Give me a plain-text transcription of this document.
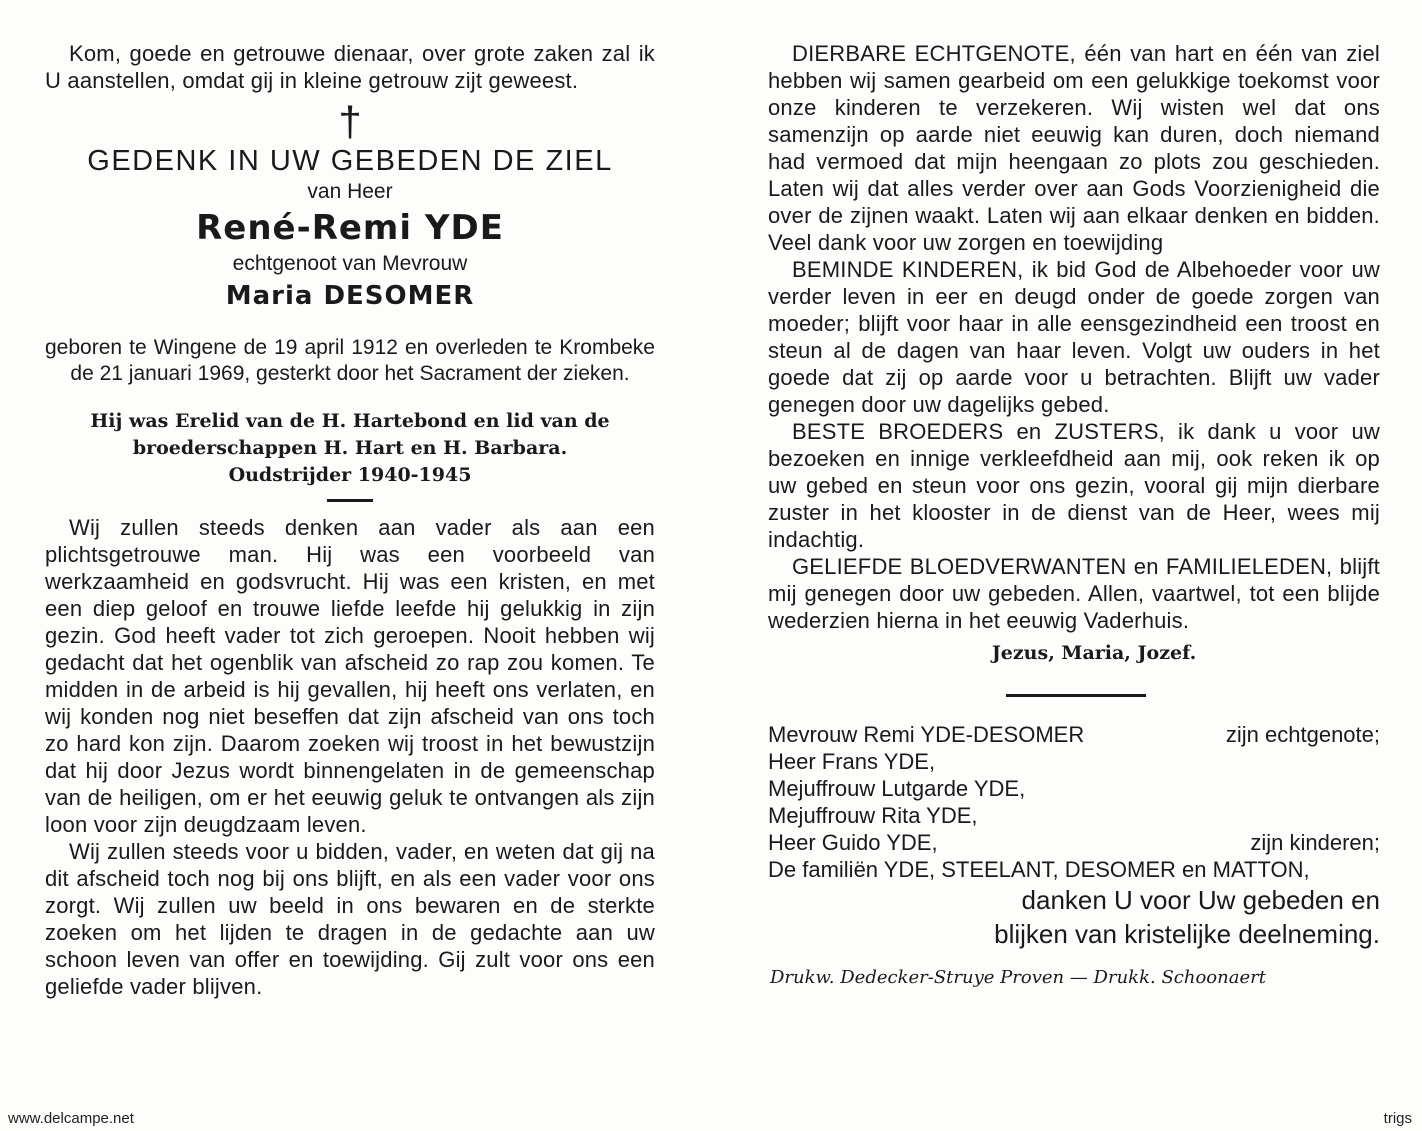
Kom, goede en getrouwe dienaar, over grote zaken zal ik U aanstellen, omdat gij in kleine getrouw zijt geweest.

†
GEDENK IN UW GEBEDEN DE ZIEL
van Heer
René-Remi YDE
echtgenoot van Mevrouw
Maria DESOMER

geboren te Wingene de 19 april 1912 en overleden te Krombeke de 21 januari 1969, gesterkt door het Sacrament der zieken.

Hij was Erelid van de H. Hartebond en lid van de broederschappen H. Hart en H. Barbara.
Oudstrijder 1940-1945

Wij zullen steeds denken aan vader als aan een plichtsgetrouwe man. Hij was een voorbeeld van werkzaamheid en godsvrucht. Hij was een kristen, en met een diep geloof en trouwe liefde leefde hij gelukkig in zijn gezin. God heeft vader tot zich geroepen. Nooit hebben wij gedacht dat het ogenblik van afscheid zo rap zou komen. Te midden in de arbeid is hij gevallen, hij heeft ons verlaten, en wij konden nog niet beseffen dat zijn afscheid van ons toch zo hard kon zijn. Daarom zoeken wij troost in het bewustzijn dat hij door Jezus wordt binnengelaten in de gemeenschap van de heiligen, om er het eeuwig geluk te ontvangen als zijn loon voor zijn deugdzaam leven.

Wij zullen steeds voor u bidden, vader, en weten dat gij na dit afscheid toch nog bij ons blijft, en als een vader voor ons zorgt. Wij zullen uw beeld in ons bewaren en de sterkte zoeken om het lijden te dragen in de gedachte aan uw schoon leven van offer en toewijding. Gij zult voor ons een geliefde vader blijven.

DIERBARE ECHTGENOTE, één van hart en één van ziel hebben wij samen gearbeid om een gelukkige toekomst voor onze kinderen te verzekeren. Wij wisten wel dat ons samenzijn op aarde niet eeuwig kan duren, doch niemand had vermoed dat mijn heengaan zo plots zou geschieden. Laten wij dat alles verder over aan Gods Voorzienigheid die over de zijnen waakt. Laten wij aan elkaar denken en bidden. Veel dank voor uw zorgen en toewijding

BEMINDE KINDEREN, ik bid God de Albehoeder voor uw verder leven in eer en deugd onder de goede zorgen van moeder; blijft voor haar in alle eensgezindheid een troost en steun al de dagen van haar leven. Volgt uw ouders in het goede dat zij op aarde voor u betrachten. Blijft uw vader genegen door uw dagelijks gebed.

BESTE BROEDERS en ZUSTERS, ik dank u voor uw bezoeken en innige verkleefdheid aan mij, ook reken ik op uw gebed en steun voor ons gezin, vooral gij mijn dierbare zuster in het klooster in de dienst van de Heer, wees mij indachtig.

GELIEFDE BLOEDVERWANTEN en FAMILIELEDEN, blijft mij genegen door uw gebeden. Allen, vaartwel, tot een blijde wederzien hierna in het eeuwig Vaderhuis.

Jezus, Maria, Jozef.
Mevrouw Remi YDE-DESOMER	zijn echtgenote;
Heer Frans YDE,
Mejuffrouw Lutgarde YDE,
Mejuffrouw Rita YDE,
Heer Guido YDE,	zijn kinderen;
De familiën YDE, STEELANT, DESOMER en MATTON,
danken U voor Uw gebeden en
blijken van kristelijke deelneming.
Drukw. Dedecker-Struye Proven — Drukk. Schoonaert
www.delcampe.net	trigs
